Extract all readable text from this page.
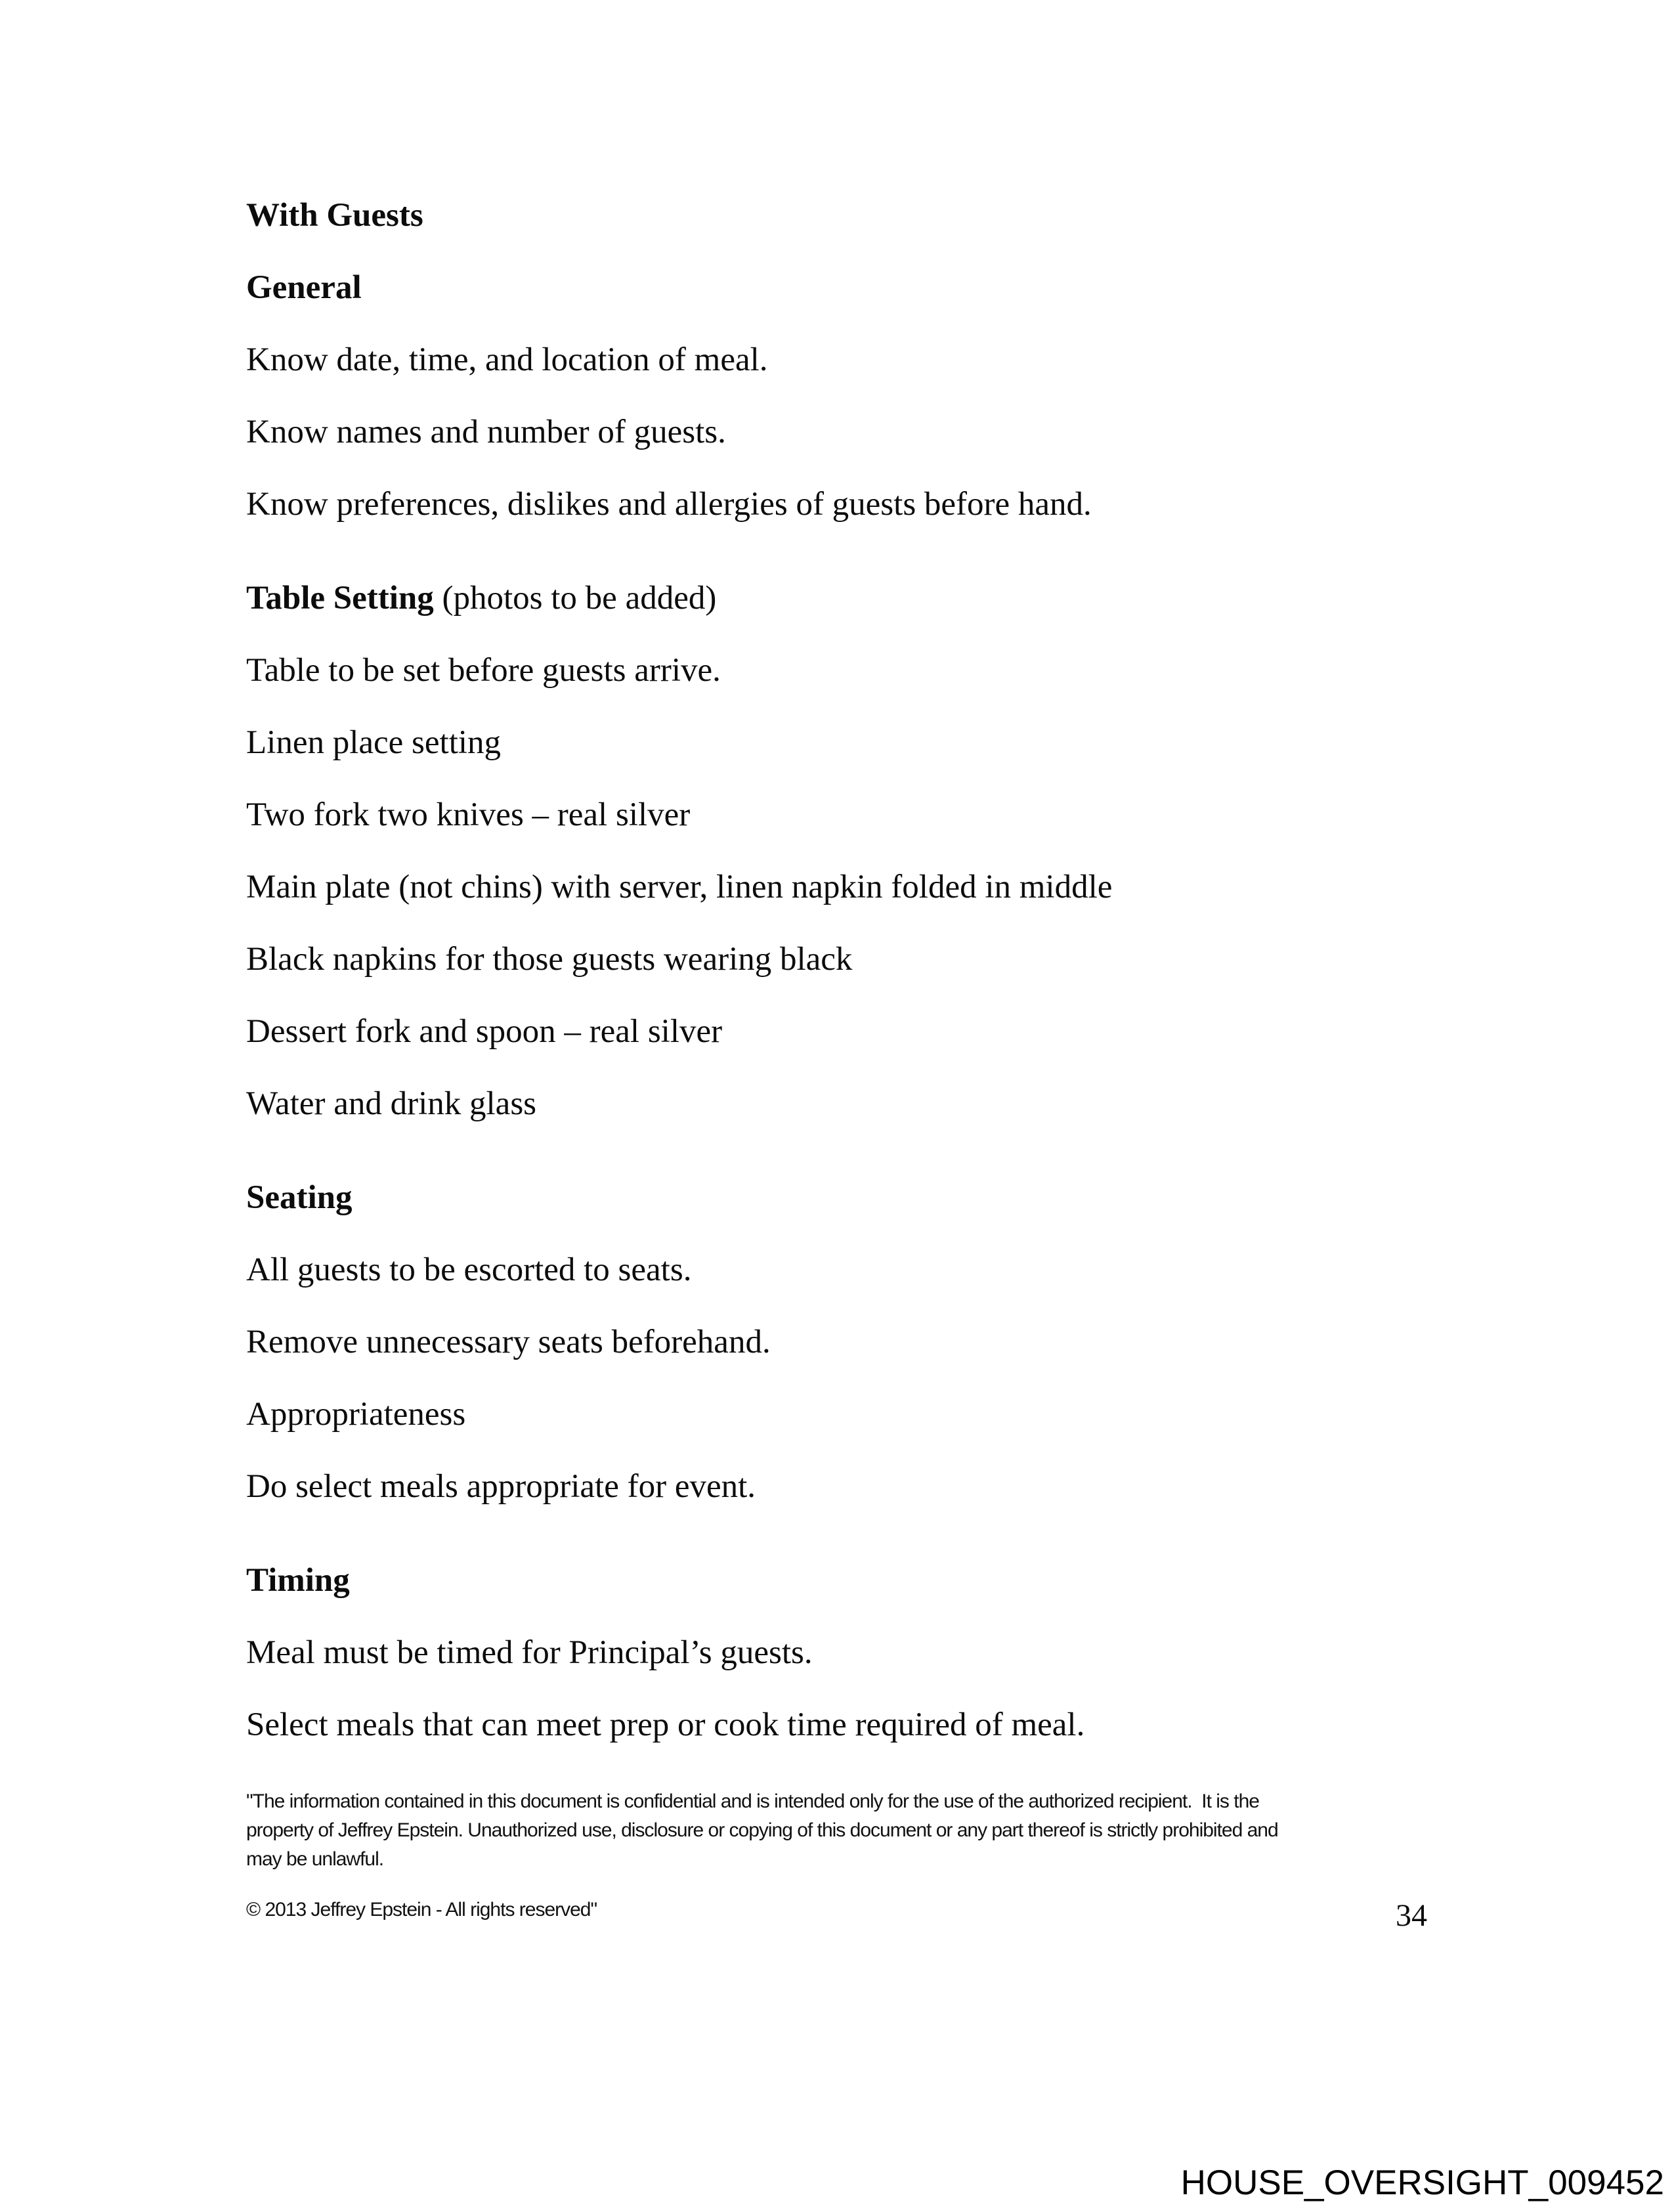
With Guests
General
Know date, time, and location of meal.
Know names and number of guests.
Know preferences, dislikes and allergies of guests before hand.
Table Setting (photos to be added)
Table to be set before guests arrive.
Linen place setting
Two fork two knives – real silver
Main plate (not chins) with server, linen napkin folded in middle
Black napkins for those guests wearing black
Dessert fork and spoon – real silver
Water and drink glass
Seating
All guests to be escorted to seats.
Remove unnecessary seats beforehand.
Appropriateness
Do select meals appropriate for event.
Timing
Meal must be timed for Principal’s guests.
Select meals that can meet prep or cook time required of meal.
"The information contained in this document is confidential and is intended only for the use of the authorized recipient.  It is the
property of Jeffrey Epstein. Unauthorized use, disclosure or copying of this document or any part thereof is strictly prohibited and
may be unlawful.
© 2013 Jeffrey Epstein - All rights reserved"	34
HOUSE_OVERSIGHT_009452
